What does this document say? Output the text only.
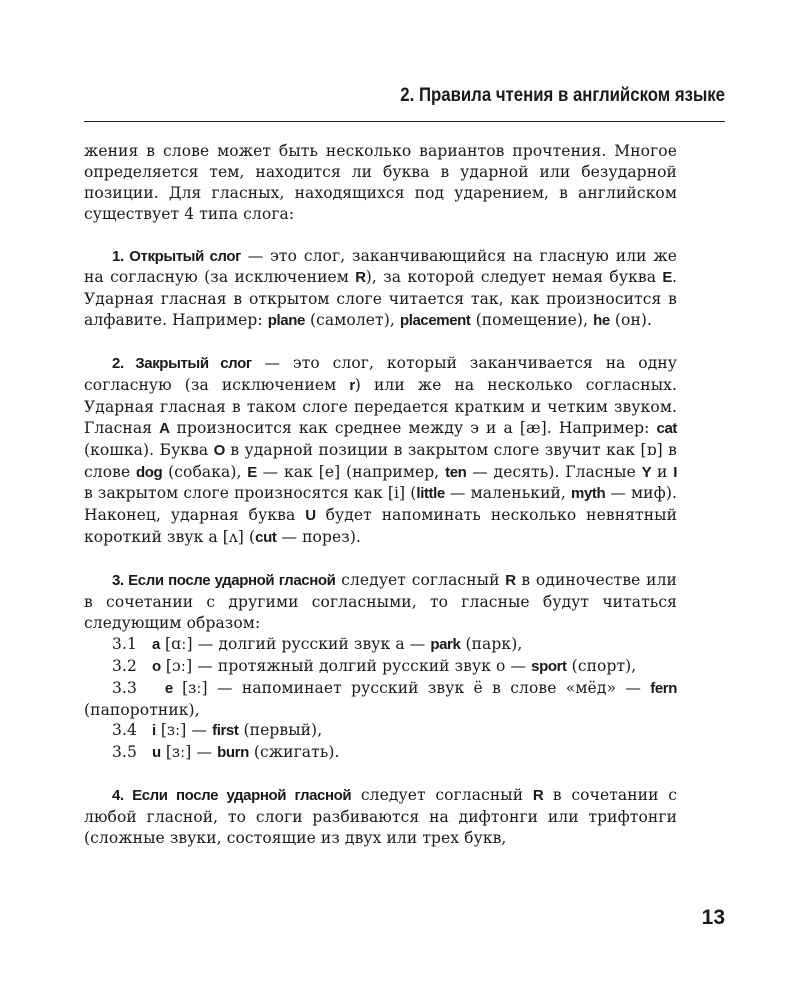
2. Правила чтения в английском языке

жения в слове может быть несколько вариантов прочтения. Многое определяется тем, находится ли буква в ударной или безударной позиции. Для гласных, находящихся под ударением, в английском существует 4 типа слога:

1. Открытый слог — это слог, заканчивающийся на гласную или же на согласную (за исключением R), за которой следует немая буква E. Ударная гласная в открытом слоге читается так, как произносится в алфавите. Например: plane (самолет), placement (помещение), he (он).

2. Закрытый слог — это слог, который заканчивается на одну согласную (за исключением r) или же на несколько согласных. Ударная гласная в таком слоге передается кратким и четким звуком. Гласная A произносится как среднее между э и а [æ]. Например: cat (кошка). Буква O в ударной позиции в закрытом слоге звучит как [ɒ] в слове dog (собака), E — как [e] (например, ten — десять). Гласные Y и I в закрытом слоге произносятся как [i] (little — маленький, myth — миф). Наконец, ударная буква U будет напоминать несколько невнятный короткий звук а [ʌ] (cut — порез).

3. Если после ударной гласной следует согласный R в одиночестве или в сочетании с другими согласными, то гласные будут читаться следующим образом:

3.1 a [ɑː] — долгий русский звук а — park (парк),

3.2 o [ɔː] — протяжный долгий русский звук о — sport (спорт),

3.3 e [ɜː] — напоминает русский звук ё в слове «мёд» — fern (папоротник),

3.4 i [ɜː] — first (первый),

3.5 u [ɜː] — burn (сжигать).

4. Если после ударной гласной следует согласный R в сочетании с любой гласной, то слоги разбиваются на дифтонги или трифтонги (сложные звуки, состоящие из двух или трех букв,

13
